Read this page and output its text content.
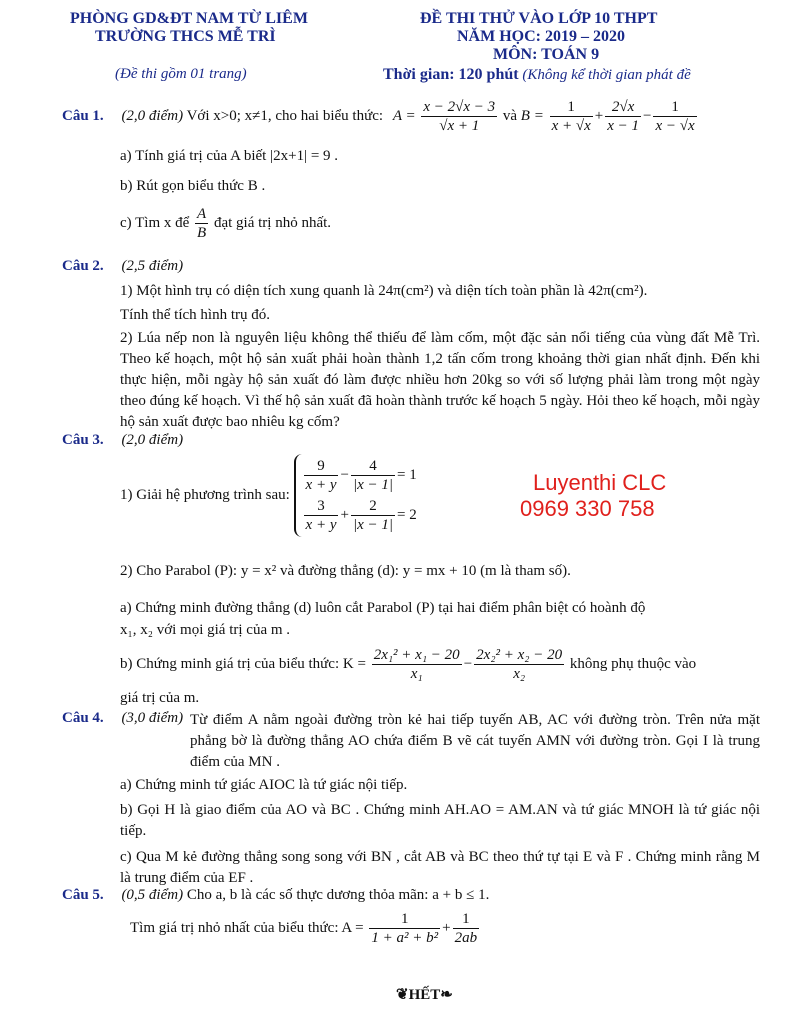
PHÒNG GD&ĐT NAM TỪ LIÊM
TRƯỜNG THCS MỄ TRÌ
(Đề thi gồm 01 trang)
ĐỀ THI THỬ VÀO LỚP 10 THPT
NĂM HỌC: 2019 – 2020
MÔN: TOÁN 9
Thời gian: 120 phút (Không kể thời gian phát đề
Câu 1. (2,0 điểm) Với x>0; x≠1, cho hai biểu thức: $A = \frac{x - 2√x - 3}{√x + 1}$ và $B = \frac{1}{x + √x} + \frac{2√x}{x - 1} - \frac{1}{x - √x}$
a) Tính giá trị của A biết |2x+1| = 9 .
b) Rút gọn biểu thức B .
c) Tìm x để $\frac{A}{B}$ đạt giá trị nhỏ nhất.
Câu 2. (2,5 điểm)
1) Một hình trụ có diện tích xung quanh là 24π(cm²) và diện tích toàn phần là 42π(cm²).
Tính thể tích hình trụ đó.
2) Lúa nếp non là nguyên liệu không thể thiếu để làm cốm, một đặc sản nổi tiếng của vùng đất Mễ Trì. Theo kế hoạch, một hộ sản xuất phải hoàn thành 1,2 tấn cốm trong khoảng thời gian nhất định. Đến khi thực hiện, mỗi ngày hộ sản xuất đó làm được nhiều hơn 20kg so với số lượng phải làm trong một ngày theo đúng kế hoạch. Vì thế hộ sản xuất đã hoàn thành trước kế hoạch 5 ngày. Hỏi theo kế hoạch, mỗi ngày hộ sản xuất được bao nhiêu kg cốm?
Câu 3. (2,0 điểm)
1) Giải hệ phương trình sau:
$\frac{9}{x + y} - \frac{4}{|x - 1|} = 1$
$\frac{3}{x + y} + \frac{2}{|x - 1|} = 2$
Luyenthi CLC
0969 330 758
2) Cho Parabol (P): y = x² và đường thẳng (d): y = mx + 10 (m là tham số).
a) Chứng minh đường thẳng (d) luôn cắt Parabol (P) tại hai điểm phân biệt có hoành độ
x₁, x₂ với mọi giá trị của m .
b) Chứng minh giá trị của biểu thức: $K = \frac{\text{2x₁² + x₁ − 20}}{\text{x₁}} - \frac{\text{2x₂² + x₂ − 20}}{\text{x₂}}$ không phụ thuộc vào
giá trị của m.
Câu 4. (3,0 điểm) Từ điểm A nằm ngoài đường tròn kẻ hai tiếp tuyến AB, AC với đường tròn. Trên nửa mặt phẳng bờ là đường thẳng AO chứa điểm B vẽ cát tuyến AMN với đường tròn. Gọi I là trung điểm của MN .
a) Chứng minh tứ giác AIOC là tứ giác nội tiếp.
b) Gọi H là giao điểm của AO và BC . Chứng minh AH.AO = AM.AN và tứ giác MNOH là tứ giác nội tiếp.
c) Qua M kẻ đường thẳng song song với BN , cắt AB và BC theo thứ tự tại E và F . Chứng minh rằng M là trung điểm của EF .
Câu 5. (0,5 điểm) Cho a, b là các số thực dương thỏa mãn: a + b ≤ 1.
Tìm giá trị nhỏ nhất của biểu thức: $A = \frac{1}{\text{1 + a² + b²}} + \frac{1}{2ab}$
❦HẾT❧
